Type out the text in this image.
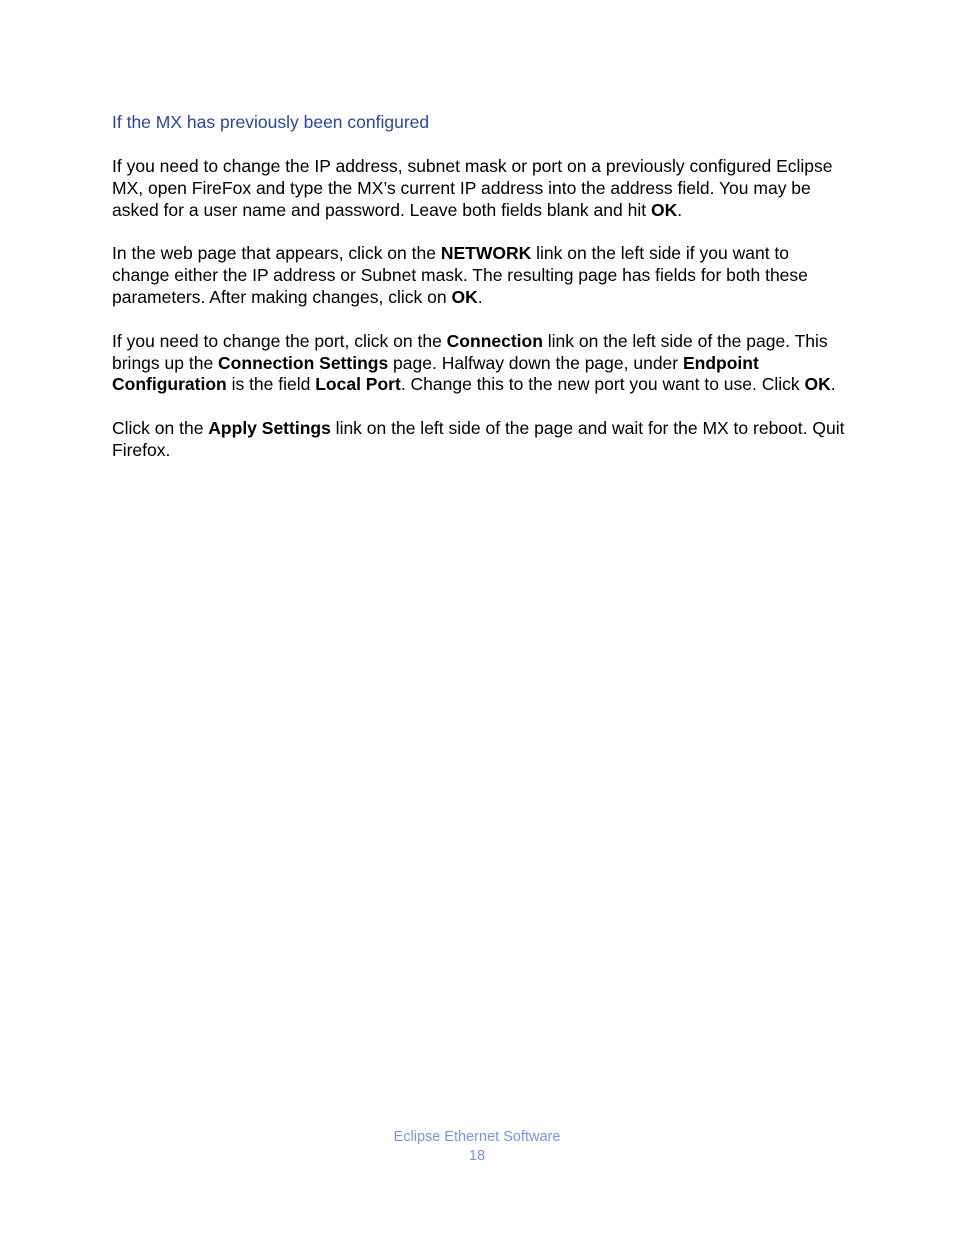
If the MX has previously been configured

If you need to change the IP address, subnet mask or port on a previously configured Eclipse MX, open FireFox and type the MX’s current IP address into the address field. You may be asked for a user name and password. Leave both fields blank and hit OK.

In the web page that appears, click on the NETWORK link on the left side if you want to change either the IP address or Subnet mask. The resulting page has fields for both these parameters. After making changes, click on OK.

If you need to change the port, click on the Connection link on the left side of the page. This brings up the Connection Settings page. Halfway down the page, under Endpoint Configuration is the field Local Port. Change this to the new port you want to use. Click OK.

Click on the Apply Settings link on the left side of the page and wait for the MX to reboot. Quit Firefox.

Eclipse Ethernet Software
18
